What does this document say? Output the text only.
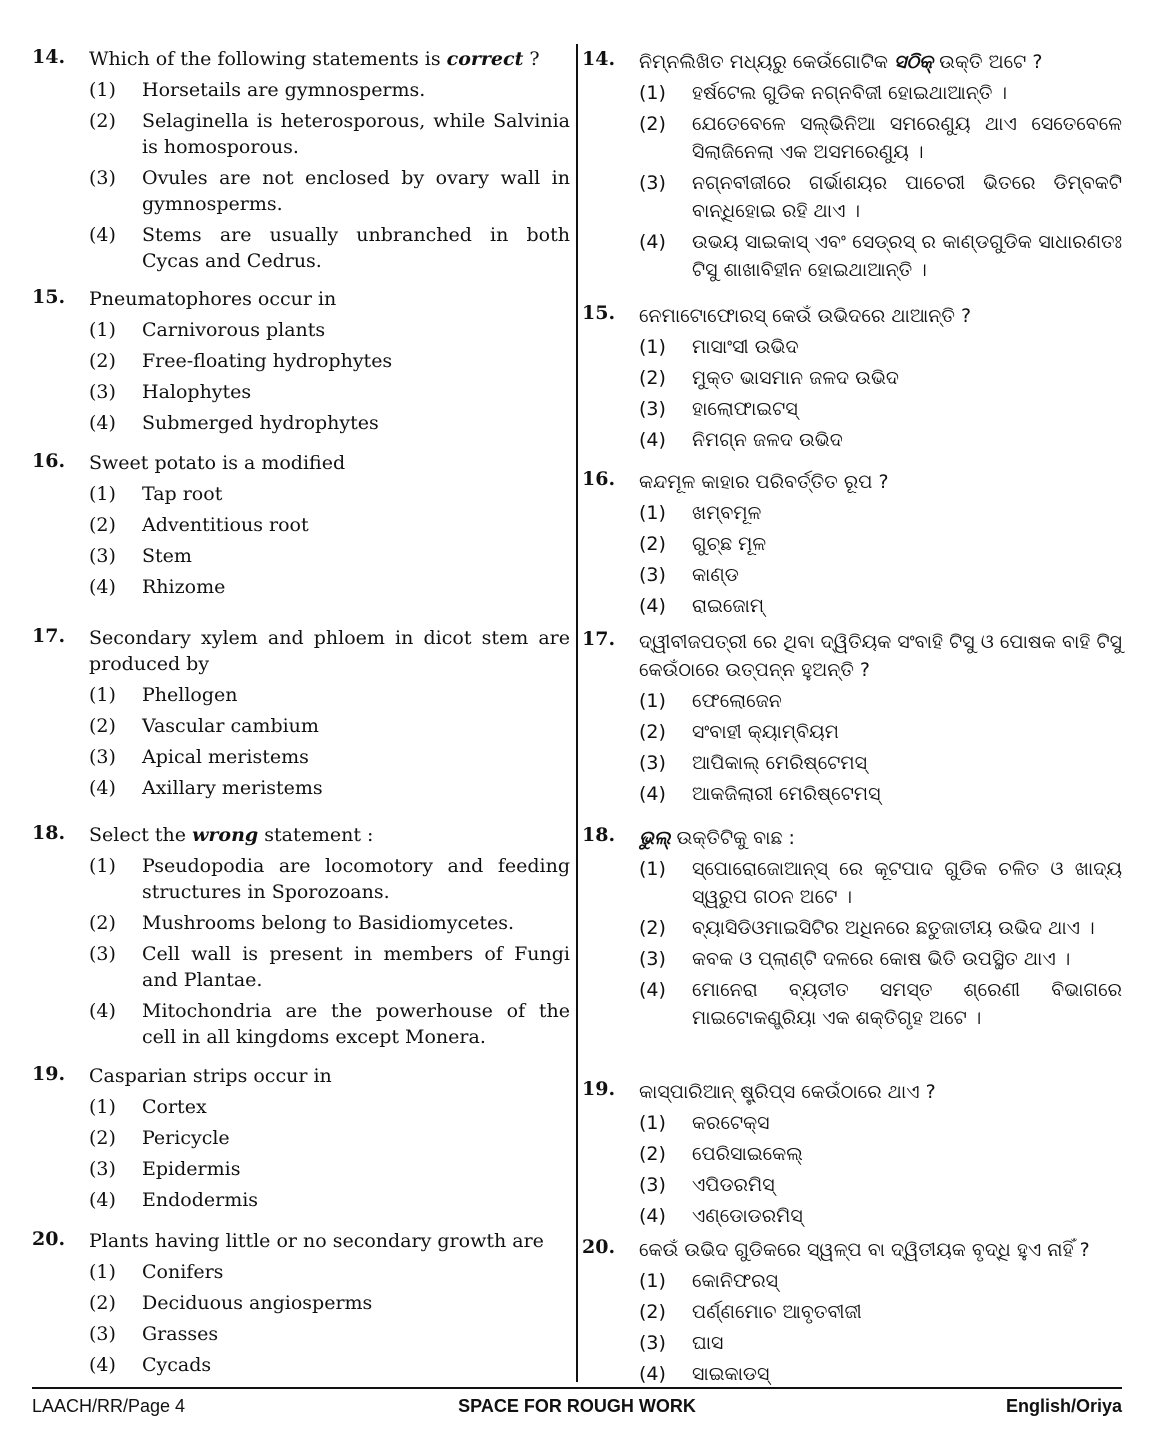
14. Which of the following statements is correct ?
(1) Horsetails are gymnosperms.
(2) Selaginella is heterosporous, while Salvinia is homosporous.
(3) Ovules are not enclosed by ovary wall in gymnosperms.
(4) Stems are usually unbranched in both Cycas and Cedrus.
15. Pneumatophores occur in
(1) Carnivorous plants
(2) Free-floating hydrophytes
(3) Halophytes
(4) Submerged hydrophytes
16. Sweet potato is a modified
(1) Tap root
(2) Adventitious root
(3) Stem
(4) Rhizome
17. Secondary xylem and phloem in dicot stem are produced by
(1) Phellogen
(2) Vascular cambium
(3) Apical meristems
(4) Axillary meristems
18. Select the wrong statement :
(1) Pseudopodia are locomotory and feeding structures in Sporozoans.
(2) Mushrooms belong to Basidiomycetes.
(3) Cell wall is present in members of Fungi and Plantae.
(4) Mitochondria are the powerhouse of the cell in all kingdoms except Monera.
19. Casparian strips occur in
(1) Cortex
(2) Pericycle
(3) Epidermis
(4) Endodermis
20. Plants having little or no secondary growth are
(1) Conifers
(2) Deciduous angiosperms
(3) Grasses
(4) Cycads
14. ନିମ୍ନଲିଖିତ ମଧ୍ୟରୁ କେଉଁଗୋଟିକ ସଠିକ୍ ଉକ୍ତି ଅଟେ ?
(1) ହର୍ଷଟେଲ ଗୁଡିକ ନଗ୍ନବିଜୀ ହୋଇଥାଆନ୍ତି ।
(2) ଯେତେବେଳେ ସଲ୍‌ଭିନିଆ ସମରେଣୁୟ ଥାଏ ସେତେବେଳେ ସିଲାଜିନେଲା ଏକ ଅସମରେଣୁୟ ।
(3) ନଗ୍ନବୀଜୀରେ ଗର୍ଭାଶୟର ପାଚେରୀ ଭିତରେ ଡିମ୍ବକଟି ବାନ୍ଧିହୋଇ ରହି ଥାଏ ।
(4) ଉଭୟ ସାଇକାସ୍ ଏବଂ ସେଡ୍ରସ୍ ର କାଣ୍ଡଗୁଡିକ ସାଧାରଣତଃ ଟିସୁ ଶାଖାବିହୀନ ହୋଇଥାଆନ୍ତି ।
15. ନେମାଟୋଫୋରସ୍ କେଉଁ ଉଭିଦରେ ଥାଆନ୍ତି ?
(1) ମାସାଂସୀ ଉଭିଦ
(2) ମୁକ୍ତ ଭାସମାନ ଜଳଦ ଉଭିଦ
(3) ହାଲୋଫାଇଟସ୍
(4) ନିମଗ୍ନ ଜଳଦ ଉଭିଦ
16. କନ୍ଦମୂଳ କାହାର ପରିବର୍ତ୍ତିତ ରୂପ ?
(1) ଖମ୍ବମୂଳ
(2) ଗୁଚ୍ଛ ମୂଳ
(3) କାଣ୍ଡ
(4) ରାଇଜୋମ୍
17. ଦ୍ୱୀବୀଜପତ୍ରୀ ରେ ଥିବା ଦ୍ୱିତିୟକ ସଂବାହି ଟିସୁ ଓ ପୋଷକ ବାହି ଟିସୁ କେଉଁଠାରେ ଉତ୍ପନ୍ନ ହୁଅନ୍ତି ?
(1) ଫେଲୋଜେନ
(2) ସଂବାହୀ କ୍ୟାମ୍ବିୟମ
(3) ଆପିକାଲ୍ ମେରିଷ୍ଟେମସ୍
(4) ଆକଜିଲାରୀ ମେରିଷ୍ଟେମସ୍
18. ଭୁଲ୍ ଉକ୍ତିଟିକୁ ବାଛ :
(1) ସ୍ପୋରୋଜୋଆନ୍ସ୍ ରେ କୂଟପାଦ ଗୁଡିକ ଚଳିତ ଓ ଖାଦ୍ୟ ସ୍ୱରୁପ ଗଠନ ଅଟେ ।
(2) ବ୍ୟାସିଡିଓମାଇସିଟିର ଅଧିନରେ ଛତୁଜାତୀୟ ଉଭିଦ ଥାଏ ।
(3) କବକ ଓ ପ୍ଲାଣ୍ଟି ଦଳରେ କୋଷ ଭିତି ଉପସ୍ଥିତ ଥାଏ ।
(4) ମୋନେରା ବ୍ୟତୀତ ସମସ୍ତ ଶ୍ରେଣୀ ବିଭାଗରେ ମାଇଟୋକଣ୍ଡ୍ରିୟା ଏକ ଶକ୍ତିଗୃହ ଅଟେ ।
19. କାସ୍‌ପାରିଆନ୍ ଷ୍ଟ୍ରିପ୍‌ସ କେଉଁଠାରେ ଥାଏ ?
(1) କରଟେକ୍ସ
(2) ପେରିସାଇକେଲ୍
(3) ଏପିଡରମିସ୍
(4) ଏଣ୍ଡୋଡରମିସ୍
20. କେଉଁ ଉଭିଦ ଗୁଡିକରେ ସ୍ୱଳ୍ପ ବା ଦ୍ୱିତୀୟକ ବୃଦ୍ଧି ହୁଏ ନାହିଁ ?
(1) କୋନିଫରସ୍
(2) ପର୍ଣ୍ଣମୋଚ ଆବୃତବୀଜୀ
(3) ଘାସ
(4) ସାଇକାଡସ୍
LAACH/RR/Page 4	SPACE FOR ROUGH WORK	English/Oriya
